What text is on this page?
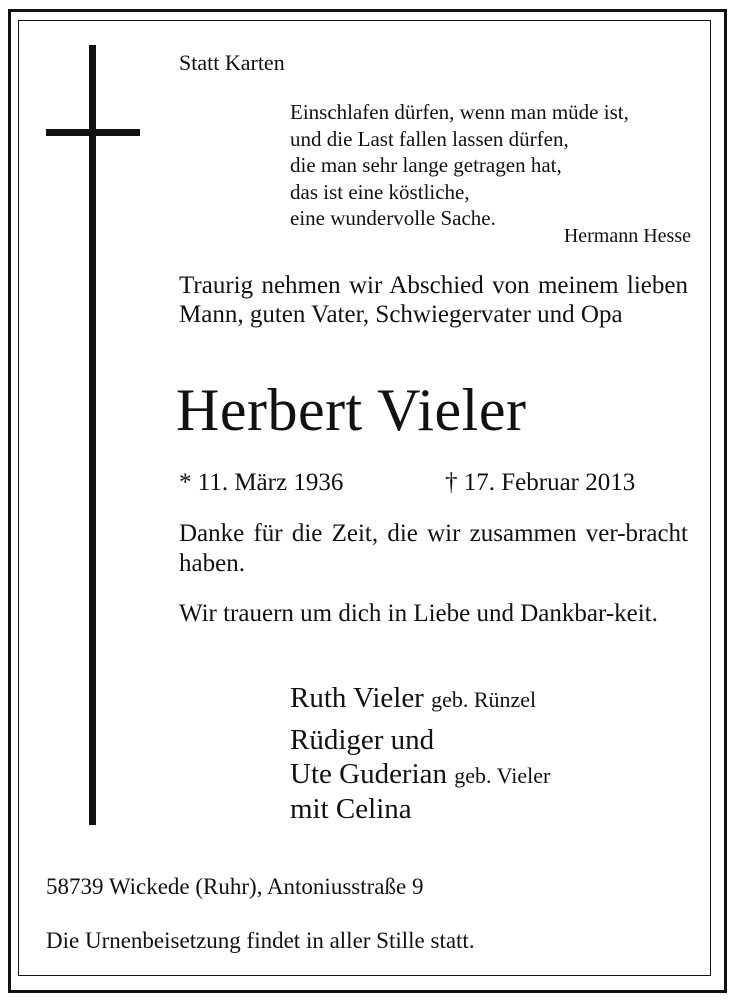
Statt Karten
Einschlafen dürfen, wenn man müde ist,
und die Last fallen lassen dürfen,
die man sehr lange getragen hat,
das ist eine köstliche,
eine wundervolle Sache.
Hermann Hesse
Traurig nehmen wir Abschied von meinem lieben Mann, guten Vater, Schwiegervater und Opa
Herbert Vieler
* 11. März 1936	† 17. Februar 2013
Danke für die Zeit, die wir zusammen ver-bracht haben.
Wir trauern um dich in Liebe und Dankbar-keit.
Ruth Vieler geb. Rünzel
Rüdiger und
Ute Guderian geb. Vieler
mit Celina
58739 Wickede (Ruhr), Antoniusstraße 9
Die Urnenbeisetzung findet in aller Stille statt.
